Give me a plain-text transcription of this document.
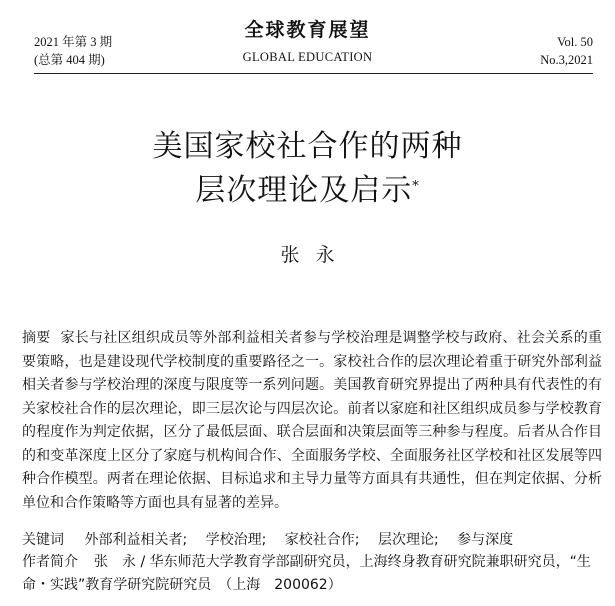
2021 年第 3 期
(总第 404 期)
全球教育展望
GLOBAL EDUCATION
Vol. 50
No.3,2021
美国家校社合作的两种
层次理论及启示*
张永
摘要 家长与社区组织成员等外部利益相关者参与学校治理是调整学校与政府、社会关系的重要策略，也是建设现代学校制度的重要路径之一。家校社合作的层次理论着重于研究外部利益相关者参与学校治理的深度与限度等一系列问题。美国教育研究界提出了两种具有代表性的有关家校社合作的层次理论，即三层次论与四层次论。前者以家庭和社区组织成员参与学校教育的程度作为判定依据，区分了最低层面、联合层面和决策层面等三种参与程度。后者从合作目的和变革深度上区分了家庭与机构间合作、全面服务学校、全面服务社区学校和社区发展等四种合作模型。两者在理论依据、目标追求和主导力量等方面具有共通性，但在判定依据、分析单位和合作策略等方面也具有显著的差异。
关键词 外部利益相关者; 学校治理; 家校社合作; 层次理论; 参与深度
作者简介 张　永 / 华东师范大学教育学部副研究员，上海终身教育研究院兼职研究员，“生命・实践”教育学研究院研究员　（上海　200062）
